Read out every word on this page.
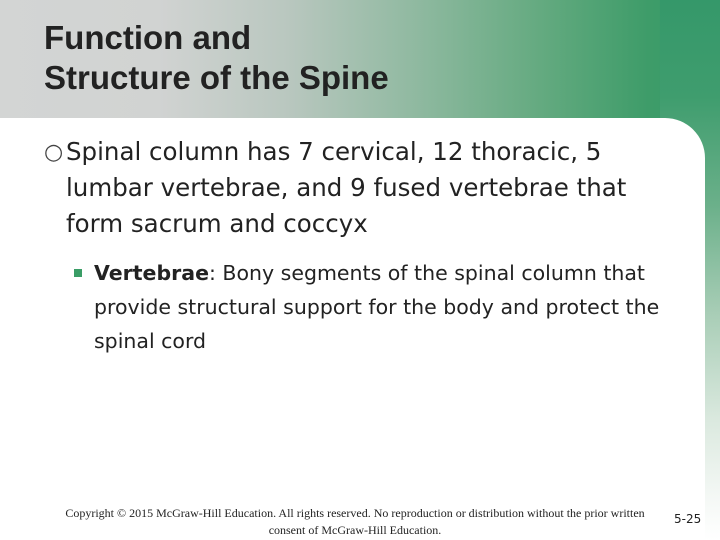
Function and
Structure of the Spine

○ Spinal column has 7 cervical, 12 thoracic, 5 lumbar vertebrae, and 9 fused vertebrae that form sacrum and coccyx

Vertebrae: Bony segments of the spinal column that provide structural support for the body and protect the spinal cord

Copyright © 2015 McGraw-Hill Education. All rights reserved. No reproduction or distribution without the prior written consent of McGraw-Hill Education.

5-25
